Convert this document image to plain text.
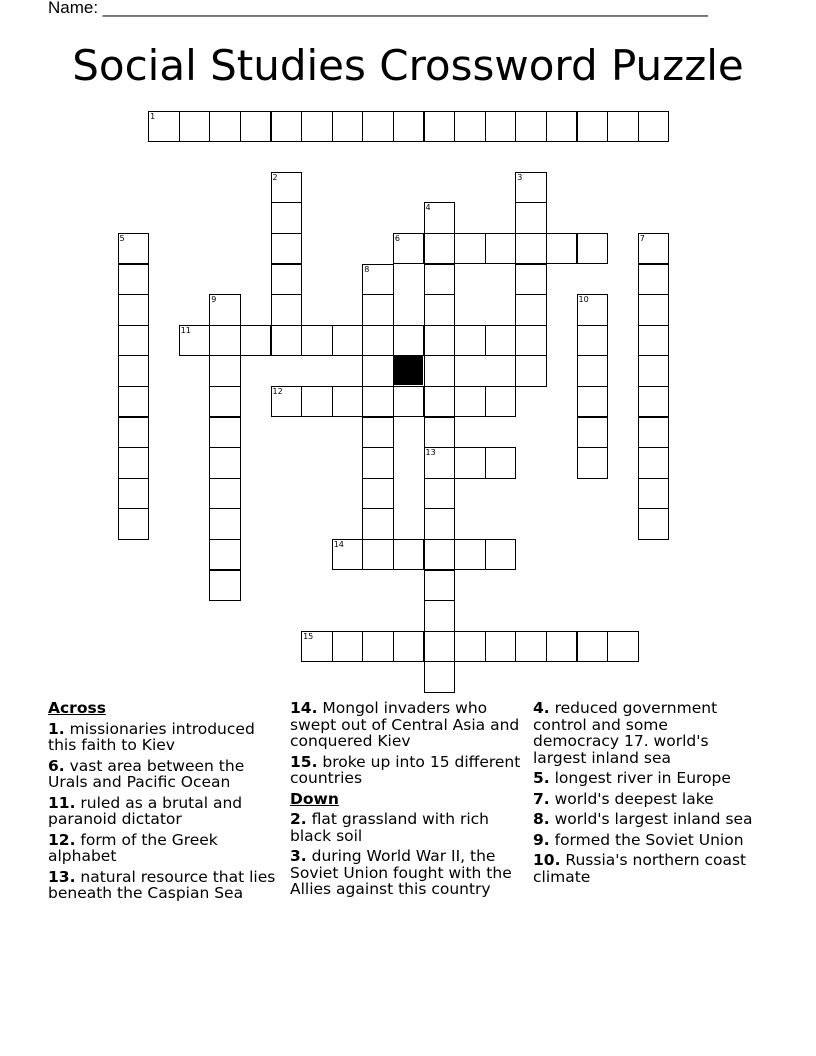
Name: ________________________________________________________________
Social Studies Crossword Puzzle
1
2	3
4
13
5	6	7
8
9	10
11
12
14
15
Across
1. missionaries introduced this faith to Kiev
6. vast area between the Urals and Pacific Ocean
11. ruled as a brutal and paranoid dictator
12. form of the Greek alphabet
13. natural resource that lies beneath the Caspian Sea
14. Mongol invaders who swept out of Central Asia and conquered Kiev
15. broke up into 15 different countries
Down
2. flat grassland with rich black soil
3. during World War II, the Soviet Union fought with the Allies against this country
4. reduced government control and some democracy 17. world's largest inland sea
5. longest river in Europe
7. world's deepest lake
8. world's largest inland sea
9. formed the Soviet Union
10. Russia's northern coast climate
